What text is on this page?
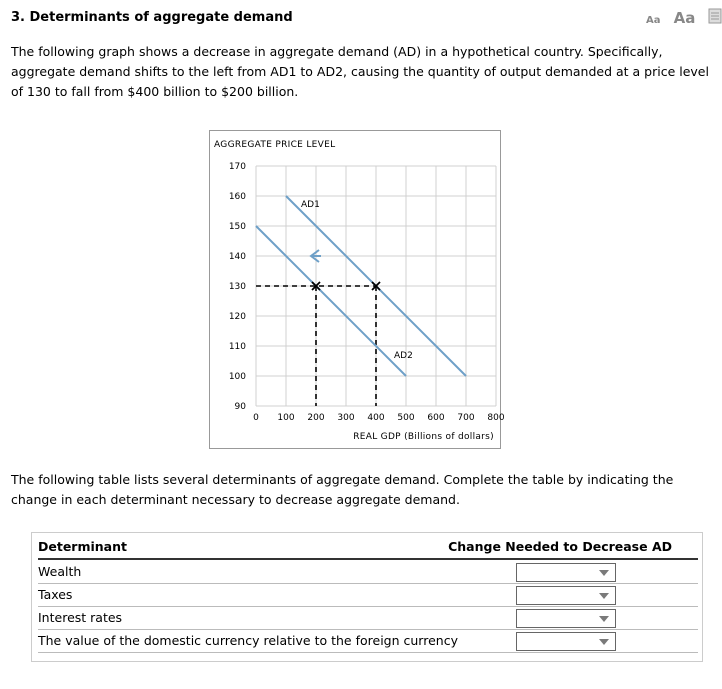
3. Determinants of aggregate demand	Aa Aa
The following graph shows a decrease in aggregate demand (AD) in a hypothetical country. Specifically, aggregate demand shifts to the left from AD1 to AD2, causing the quantity of output demanded at a price level of 130 to fall from $400 billion to $200 billion.
AGGREGATE PRICE LEVEL
90
100
110
120
130
140
150
160
170
0 100 200 300 400 500 600 700 800
REAL GDP (Billions of dollars)
AD1
AD2
The following table lists several determinants of aggregate demand. Complete the table by indicating the change in each determinant necessary to decrease aggregate demand.
Determinant	Change Needed to Decrease AD
Wealth
Taxes
Interest rates
The value of the domestic currency relative to the foreign currency
